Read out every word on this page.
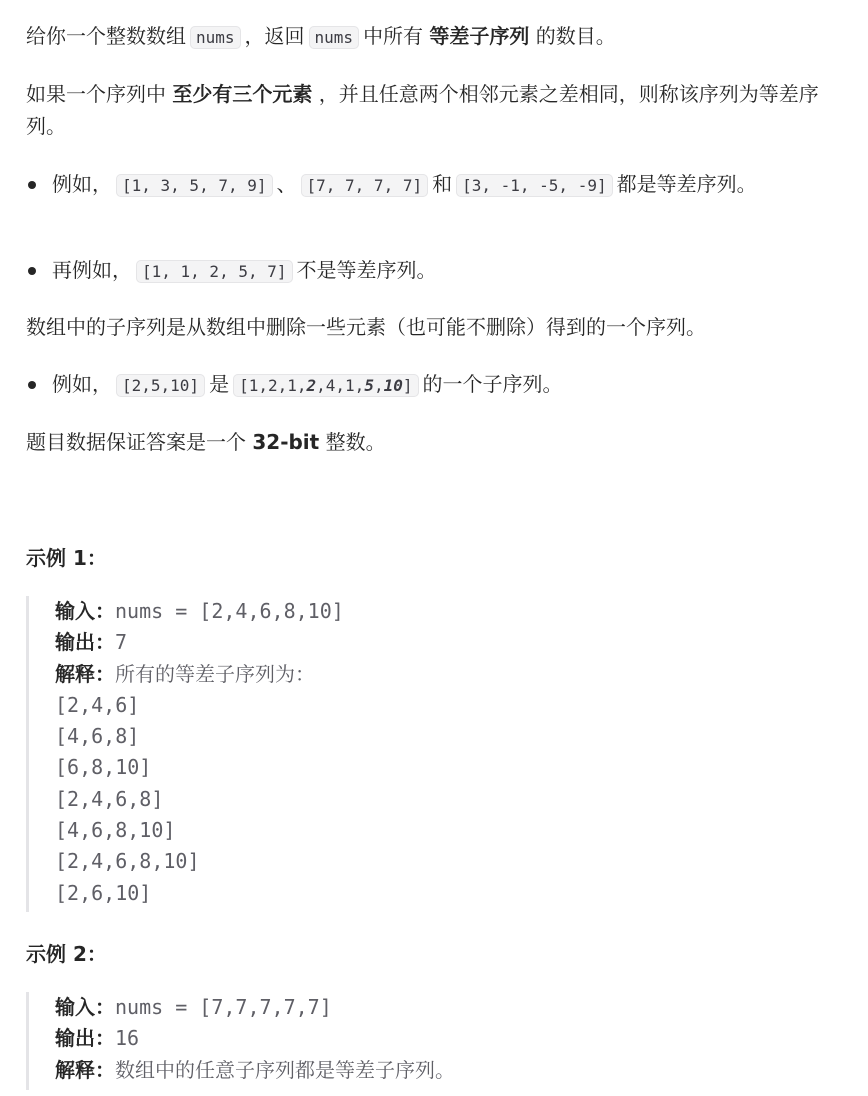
给你一个整数数组 nums ，返回 nums 中所有 等差子序列 的数目。

如果一个序列中 至少有三个元素 ，并且任意两个相邻元素之差相同，则称该序列为等差序列。

例如， [1, 3, 5, 7, 9] 、 [7, 7, 7, 7] 和 [3, -1, -5, -9] 都是等差序列。
再例如， [1, 1, 2, 5, 7] 不是等差序列。

数组中的子序列是从数组中删除一些元素（也可能不删除）得到的一个序列。

例如， [2,5,10] 是 [1,2,1,2,4,1,5,10] 的一个子序列。

题目数据保证答案是一个 32-bit 整数。

示例 1：
输入：nums = [2,4,6,8,10]
输出：7
解释：所有的等差子序列为：
[2,4,6]
[4,6,8]
[6,8,10]
[2,4,6,8]
[4,6,8,10]
[2,4,6,8,10]
[2,6,10]
示例 2：
输入：nums = [7,7,7,7,7]
输出：16
解释：数组中的任意子序列都是等差子序列。
